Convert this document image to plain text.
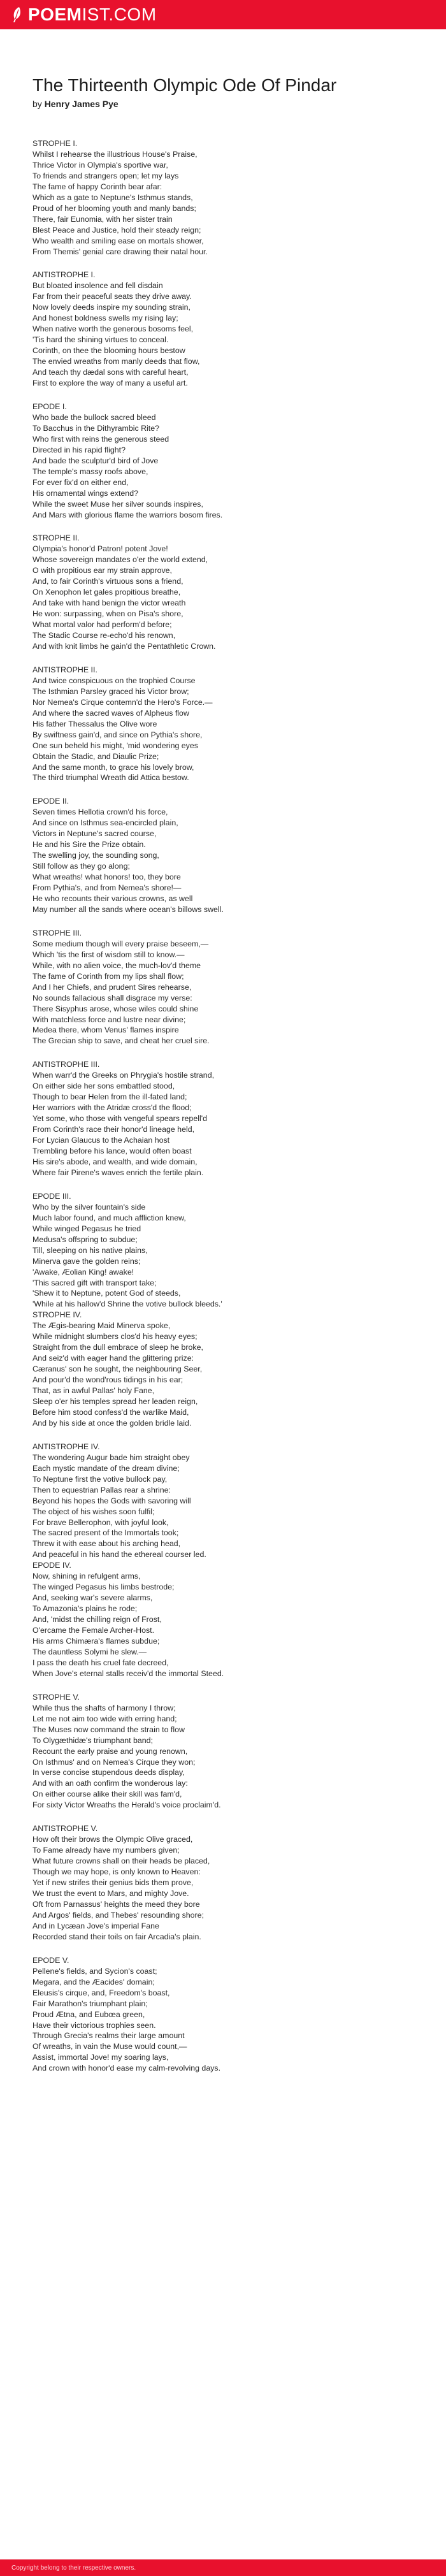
POEM IST.COM
The Thirteenth Olympic Ode Of Pindar
by Henry James Pye

STROPHE I.
Whilst I rehearse the illustrious House's Praise,
Thrice Victor in Olympia's sportive war,
To friends and strangers open; let my lays
The fame of happy Corinth bear afar:
Which as a gate to Neptune's Isthmus stands,
Proud of her blooming youth and manly bands;
There, fair Eunomia, with her sister train
Blest Peace and Justice, hold their steady reign;
Who wealth and smiling ease on mortals shower,
From Themis' genial care drawing their natal hour.

ANTISTROPHE I.
But bloated insolence and fell disdain
Far from their peaceful seats they drive away.
Now lovely deeds inspire my sounding strain,
And honest boldness swells my rising lay;
When native worth the generous bosoms feel,
'Tis hard the shining virtues to conceal.
Corinth, on thee the blooming hours bestow
The envied wreaths from manly deeds that flow,
And teach thy dædal sons with careful heart,
First to explore the way of many a useful art.

EPODE I.
Who bade the bullock sacred bleed
To Bacchus in the Dithyrambic Rite?
Who first with reins the generous steed
Directed in his rapid flight?
And bade the sculptur'd bird of Jove
The temple's massy roofs above,
For ever fix'd on either end,
His ornamental wings extend?
While the sweet Muse her silver sounds inspires,
And Mars with glorious flame the warriors bosom fires.

STROPHE II.
Olympia's honor'd Patron! potent Jove!
Whose sovereign mandates o'er the world extend,
O with propitious ear my strain approve,
And, to fair Corinth's virtuous sons a friend,
On Xenophon let gales propitious breathe,
And take with hand benign the victor wreath
He won: surpassing, when on Pisa's shore,
What mortal valor had perform'd before;
The Stadic Course re-echo'd his renown,
And with knit limbs he gain'd the Pentathletic Crown.

ANTISTROPHE II.
And twice conspicuous on the trophied Course
The Isthmian Parsley graced his Victor brow;
Nor Nemea's Cirque contemn'd the Hero's Force.—
And where the sacred waves of Alpheus flow
His father Thessalus the Olive wore
By swiftness gain'd, and since on Pythia's shore,
One sun beheld his might, 'mid wondering eyes
Obtain the Stadic, and Diaulic Prize;
And the same month, to grace his lovely brow,
The third triumphal Wreath did Attica bestow.

EPODE II.
Seven times Hellotia crown'd his force,
And since on Isthmus sea-encircled plain,
Victors in Neptune's sacred course,
He and his Sire the Prize obtain.
The swelling joy, the sounding song,
Still follow as they go along;
What wreaths! what honors! too, they bore
From Pythia's, and from Nemea's shore!—
He who recounts their various crowns, as well
May number all the sands where ocean's billows swell.

STROPHE III.
Some medium though will every praise beseem,—
Which 'tis the first of wisdom still to know.—
While, with no alien voice, the much-lov'd theme
The fame of Corinth from my lips shall flow;
And I her Chiefs, and prudent Sires rehearse,
No sounds fallacious shall disgrace my verse:
There Sisyphus arose, whose wiles could shine
With matchless force and lustre near divine;
Medea there, whom Venus' flames inspire
The Grecian ship to save, and cheat her cruel sire.

ANTISTROPHE III.
When warr'd the Greeks on Phrygia's hostile strand,
On either side her sons embattled stood,
Though to bear Helen from the ill-fated land;
Her warriors with the Atridæ cross'd the flood;
Yet some, who those with vengeful spears repell'd
From Corinth's race their honor'd lineage held,
For Lycian Glaucus to the Achaian host
Trembling before his lance, would often boast
His sire's abode, and wealth, and wide domain,
Where fair Pirene's waves enrich the fertile plain.

EPODE III.
Who by the silver fountain's side
Much labor found, and much affliction knew,
While winged Pegasus he tried
Medusa's offspring to subdue;
Till, sleeping on his native plains,
Minerva gave the golden reins;
'Awake, Æolian King! awake!
'This sacred gift with transport take;
'Shew it to Neptune, potent God of steeds,
'While at his hallow'd Shrine the votive bullock bleeds.'
STROPHE IV.
The Ægis-bearing Maid Minerva spoke,
While midnight slumbers clos'd his heavy eyes;
Straight from the dull embrace of sleep he broke,
And seiz'd with eager hand the glittering prize:
Cæranus' son he sought, the neighbouring Seer,
And pour'd the wond'rous tidings in his ear;
That, as in awful Pallas' holy Fane,
Sleep o'er his temples spread her leaden reign,
Before him stood confess'd the warlike Maid,
And by his side at once the golden bridle laid.

ANTISTROPHE IV.
The wondering Augur bade him straight obey
Each mystic mandate of the dream divine;
To Neptune first the votive bullock pay,
Then to equestrian Pallas rear a shrine:
Beyond his hopes the Gods with savoring will
The object of his wishes soon fulfil;
For brave Bellerophon, with joyful look,
The sacred present of the Immortals took;
Threw it with ease about his arching head,
And peaceful in his hand the ethereal courser led.
EPODE IV.
Now, shining in refulgent arms,
The winged Pegasus his limbs bestrode;
And, seeking war's severe alarms,
To Amazonia's plains he rode;
And, 'midst the chilling reign of Frost,
O'ercame the Female Archer-Host.
His arms Chimæra's flames subdue;
The dauntless Solymi he slew.—
I pass the death his cruel fate decreed,
When Jove's eternal stalls receiv'd the immortal Steed.

STROPHE V.
While thus the shafts of harmony I throw;
Let me not aim too wide with erring hand;
The Muses now command the strain to flow
To Olygæthidæ's triumphant band;
Recount the early praise and young renown,
On Isthmus' and on Nemea's Cirque they won;
In verse concise stupendous deeds display,
And with an oath confirm the wonderous lay:
On either course alike their skill was fam'd,
For sixty Victor Wreaths the Herald's voice proclaim'd.

ANTISTROPHE V.
How oft their brows the Olympic Olive graced,
To Fame already have my numbers given;
What future crowns shall on their heads be placed,
Though we may hope, is only known to Heaven:
Yet if new strifes their genius bids them prove,
We trust the event to Mars, and mighty Jove.
Oft from Parnassus' heights the meed they bore
And Argos' fields, and Thebes' resounding shore;
And in Lycæan Jove's imperial Fane
Recorded stand their toils on fair Arcadia's plain.

EPODE V.
Pellene's fields, and Sycion's coast;
Megara, and the Æacides' domain;
Eleusis's cirque, and, Freedom's boast,
Fair Marathon's triumphant plain;
Proud Ætna, and Eubœa green,
Have their victorious trophies seen.
Through Grecia's realms their large amount
Of wreaths, in vain the Muse would count,—
Assist, immortal Jove! my soaring lays,
And crown with honor'd ease my calm-revolving days.

Copyright belong to their respective owners.
